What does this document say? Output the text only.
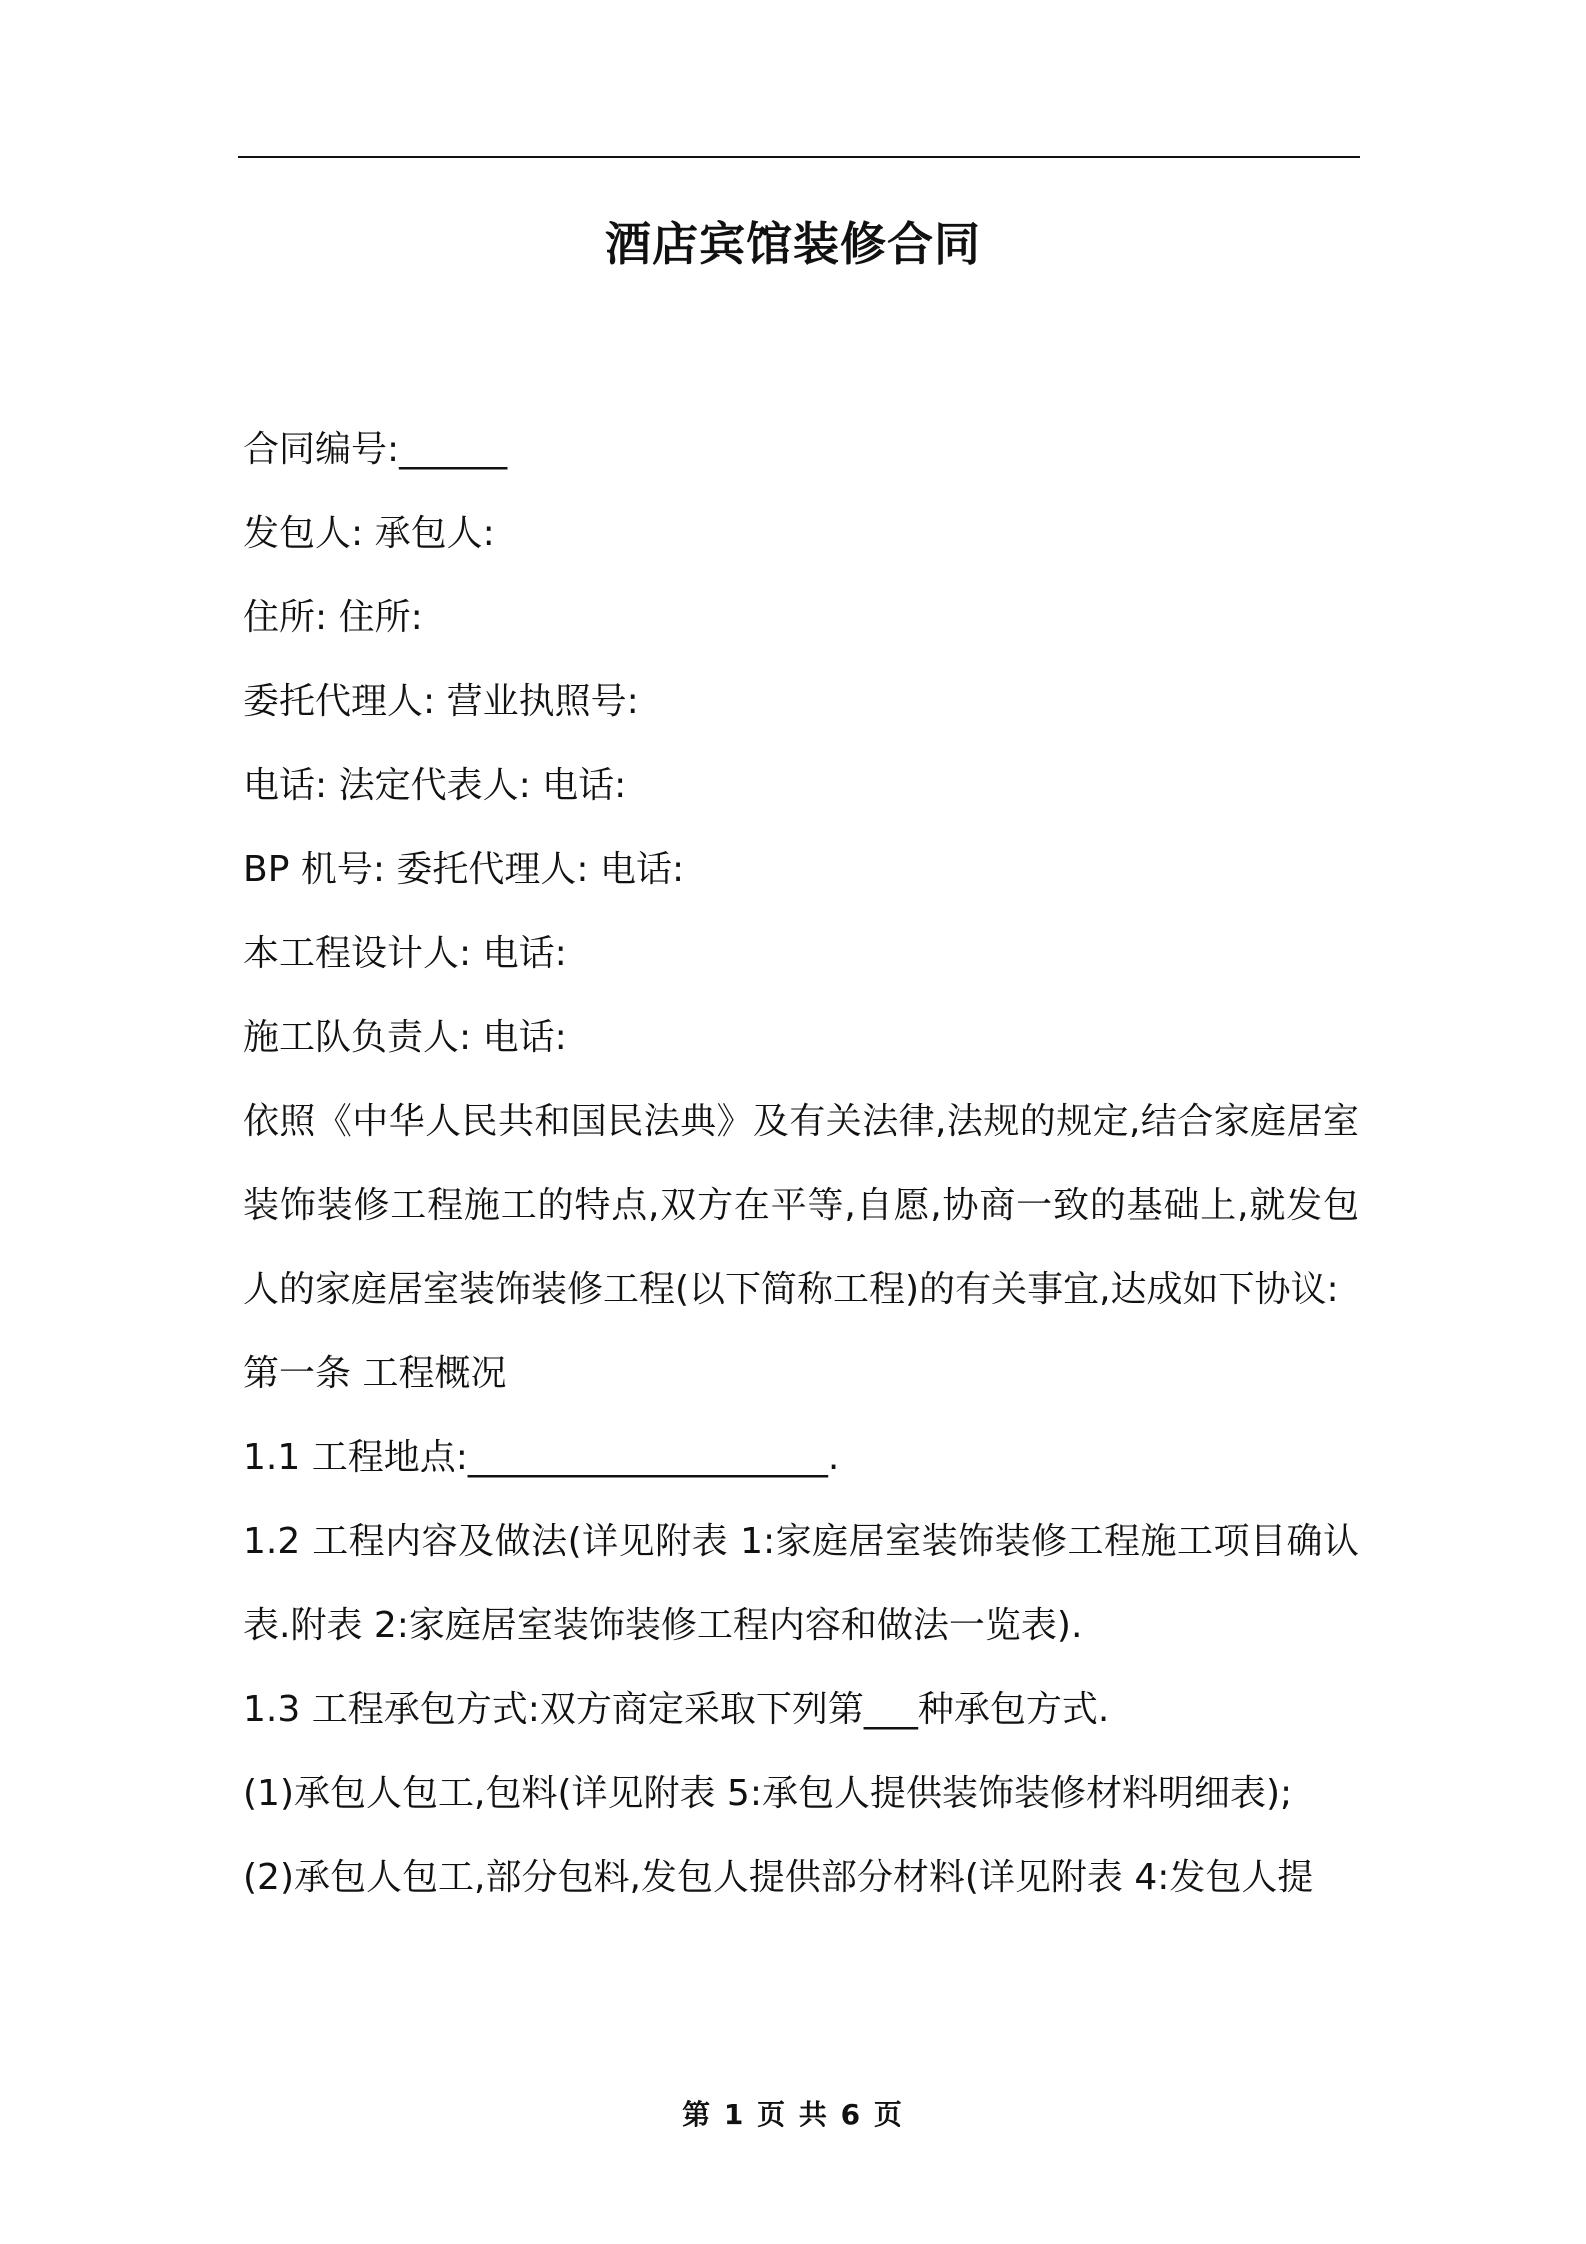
酒店宾馆装修合同

合同编号:______

发包人: 承包人:

住所: 住所:

委托代理人: 营业执照号:

电话: 法定代表人: 电话:

BP 机号: 委托代理人: 电话:

本工程设计人: 电话:

施工队负责人: 电话:

依照《中华人民共和国民法典》及有关法律,法规的规定,结合家庭居室装饰装修工程施工的特点,双方在平等,自愿,协商一致的基础上,就发包人的家庭居室装饰装修工程(以下简称工程)的有关事宜,达成如下协议:

第一条 工程概况

1.1 工程地点:____________________.

1.2 工程内容及做法(详见附表 1:家庭居室装饰装修工程施工项目确认表.附表 2:家庭居室装饰装修工程内容和做法一览表).

1.3 工程承包方式:双方商定采取下列第___种承包方式.

(1)承包人包工,包料(详见附表 5:承包人提供装饰装修材料明细表);

(2)承包人包工,部分包料,发包人提供部分材料(详见附表 4:发包人提

第 1 页 共 6 页
